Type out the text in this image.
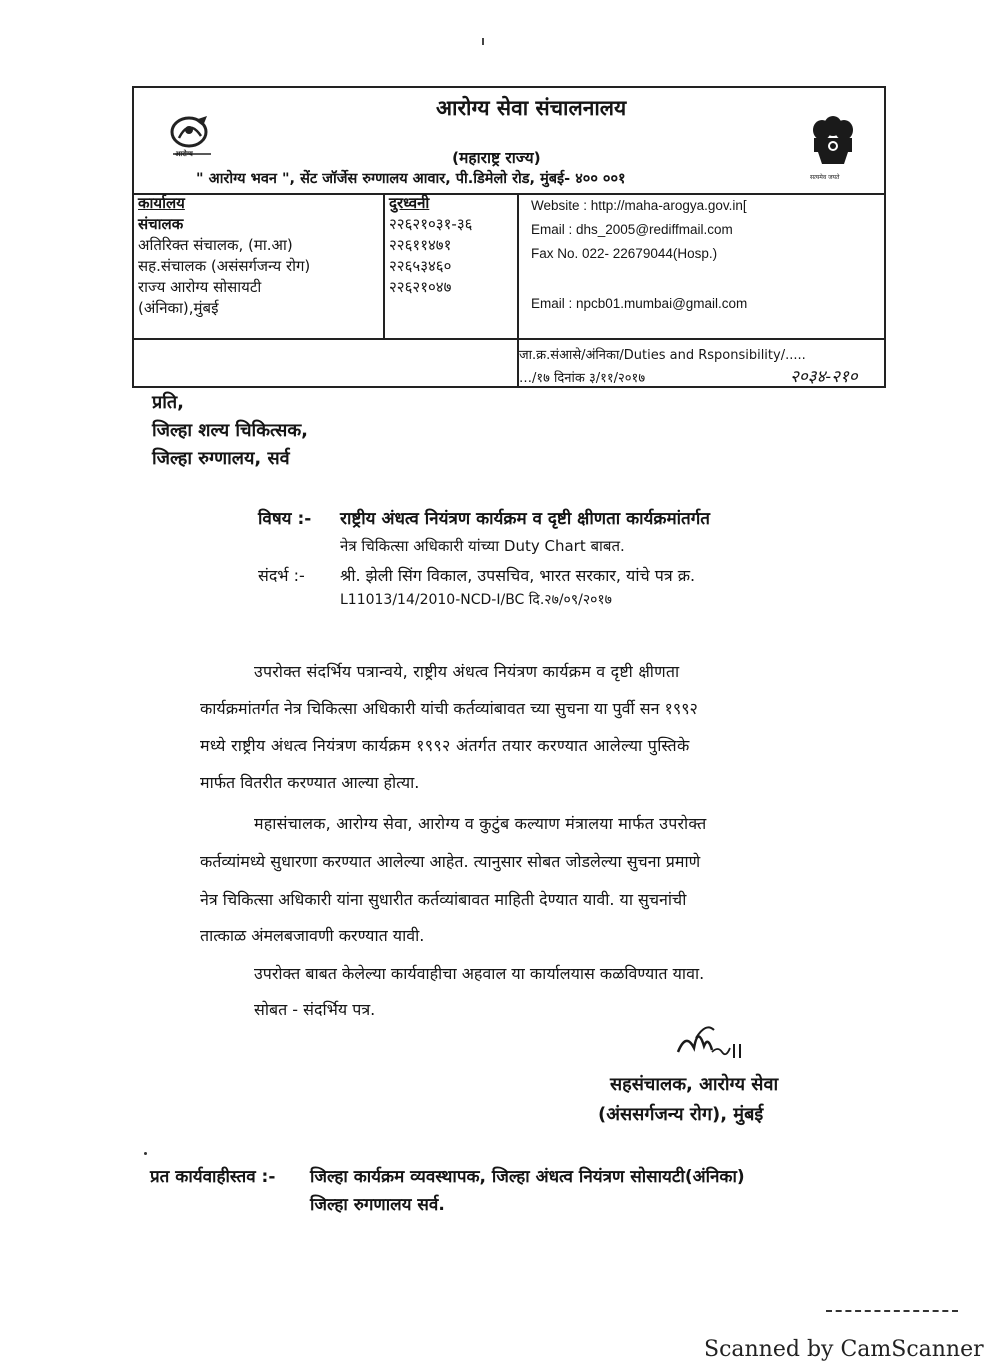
आरोग्य
सत्यमेव जयते
आरोग्य सेवा संचालनालय
(महाराष्ट्र राज्य)
" आरोग्य भवन ", सेंट जॉर्जेस रुग्णालय आवार, पी.डिमेलो रोड, मुंबई- ४०० ००१
कार्यालय
संचालक
अतिरिक्त संचालक, (मा.आ)
सह.संचालक (असंसर्गजन्य रोग)
राज्य आरोग्य सोसायटी
(अंनिका),मुंबई
दुरध्वनी
२२६२१०३१-३६
२२६११४७१
२२६५३४६०
२२६२१०४७
Website : http://maha-arogya.gov.in[
Email : dhs_2005@rediffmail.com
Fax No. 022- 22679044(Hosp.)
Email : npcb01.mumbai@gmail.com
जा.क्र.संआसे/अंनिका/Duties and Rsponsibility/.....
…/१७ दिनांक ३/११/२०१७	२०३४-२१०
प्रति,
जिल्हा शल्य चिकित्सक,
जिल्हा रुग्णालय, सर्व
विषय :- राष्ट्रीय अंधत्व नियंत्रण कार्यक्रम व दृष्टी क्षीणता कार्यक्रमांतर्गत
नेत्र चिकित्सा अधिकारी यांच्या Duty Chart बाबत.
संदर्भ :- श्री. झेली सिंग विकाल, उपसचिव, भारत सरकार, यांचे पत्र क्र.
L11013/14/2010-NCD-I/BC दि.२७/०९/२०१७
उपरोक्त संदर्भिय पत्रान्वये, राष्ट्रीय अंधत्व नियंत्रण कार्यक्रम व दृष्टी क्षीणता
कार्यक्रमांतर्गत नेत्र चिकित्सा अधिकारी यांची कर्तव्यांबावत च्या सुचना या पुर्वी सन १९९२
मध्ये राष्ट्रीय अंधत्व नियंत्रण कार्यक्रम १९९२ अंतर्गत तयार करण्यात आलेल्या पुस्तिके
मार्फत वितरीत करण्यात आल्या होत्या.
महासंचालक, आरोग्य सेवा, आरोग्य व कुटुंब कल्याण मंत्रालया मार्फत उपरोक्त
कर्तव्यांमध्ये सुधारणा करण्यात आलेल्या आहेत. त्यानुसार सोबत जोडलेल्या सुचना प्रमाणे
नेत्र चिकित्सा अधिकारी यांना सुधारीत कर्तव्यांबावत माहिती देण्यात यावी. या सुचनांची
तात्काळ अंमलबजावणी करण्यात यावी.
उपरोक्त बाबत केलेल्या कार्यवाहीचा अहवाल या कार्यालयास कळविण्यात यावा.
सोबत - संदर्भिय पत्र.
सहसंचालक, आरोग्य सेवा
(अंससर्गजन्य रोग), मुंबई
प्रत कार्यवाहीस्तव :- जिल्हा कार्यक्रम व्यवस्थापक, जिल्हा अंधत्व नियंत्रण सोसायटी(अंनिका)
जिल्हा रुगणालय सर्व.
Scanned by CamScanner
